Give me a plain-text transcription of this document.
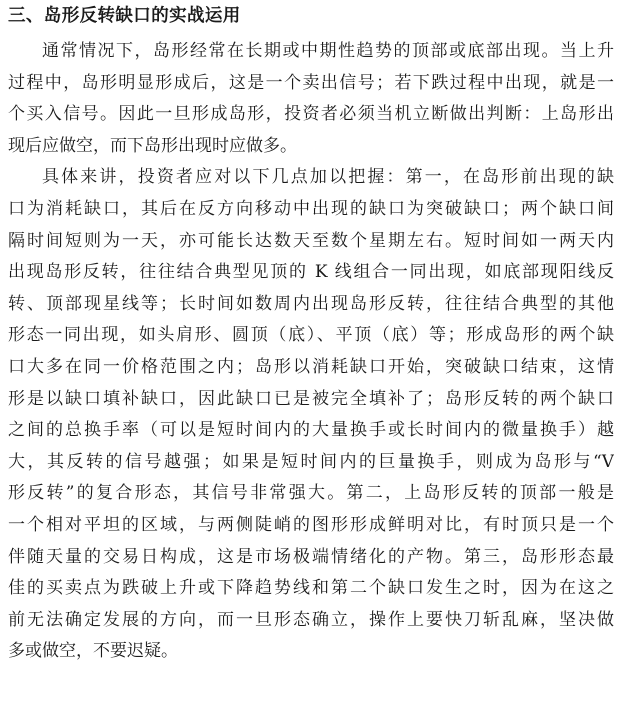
三、岛形反转缺口的实战运用
通常情况下，岛形经常在长期或中期性趋势的顶部或底部出现。当上升
过程中，岛形明显形成后，这是一个卖出信号；若下跌过程中出现，就是一
个买入信号。因此一旦形成岛形，投资者必须当机立断做出判断：上岛形出
现后应做空，而下岛形出现时应做多。
具体来讲，投资者应对以下几点加以把握：第一，在岛形前出现的缺
口为消耗缺口，其后在反方向移动中出现的缺口为突破缺口；两个缺口间
隔时间短则为一天，亦可能长达数天至数个星期左右。短时间如一两天内
出现岛形反转，往往结合典型见顶的 K 线组合一同出现，如底部现阳线反
转、顶部现星线等；长时间如数周内出现岛形反转，往往结合典型的其他
形态一同出现，如头肩形、圆顶（底）、平顶（底）等；形成岛形的两个缺
口大多在同一价格范围之内；岛形以消耗缺口开始，突破缺口结束，这情
形是以缺口填补缺口，因此缺口已是被完全填补了；岛形反转的两个缺口
之间的总换手率（可以是短时间内的大量换手或长时间内的微量换手）越
大，其反转的信号越强；如果是短时间内的巨量换手，则成为岛形与“V
形反转”的复合形态，其信号非常强大。第二，上岛形反转的顶部一般是
一个相对平坦的区域，与两侧陡峭的图形形成鲜明对比，有时顶只是一个
伴随天量的交易日构成，这是市场极端情绪化的产物。第三，岛形形态最
佳的买卖点为跌破上升或下降趋势线和第二个缺口发生之时，因为在这之
前无法确定发展的方向，而一旦形态确立，操作上要快刀斩乱麻，坚决做
多或做空，不要迟疑。
